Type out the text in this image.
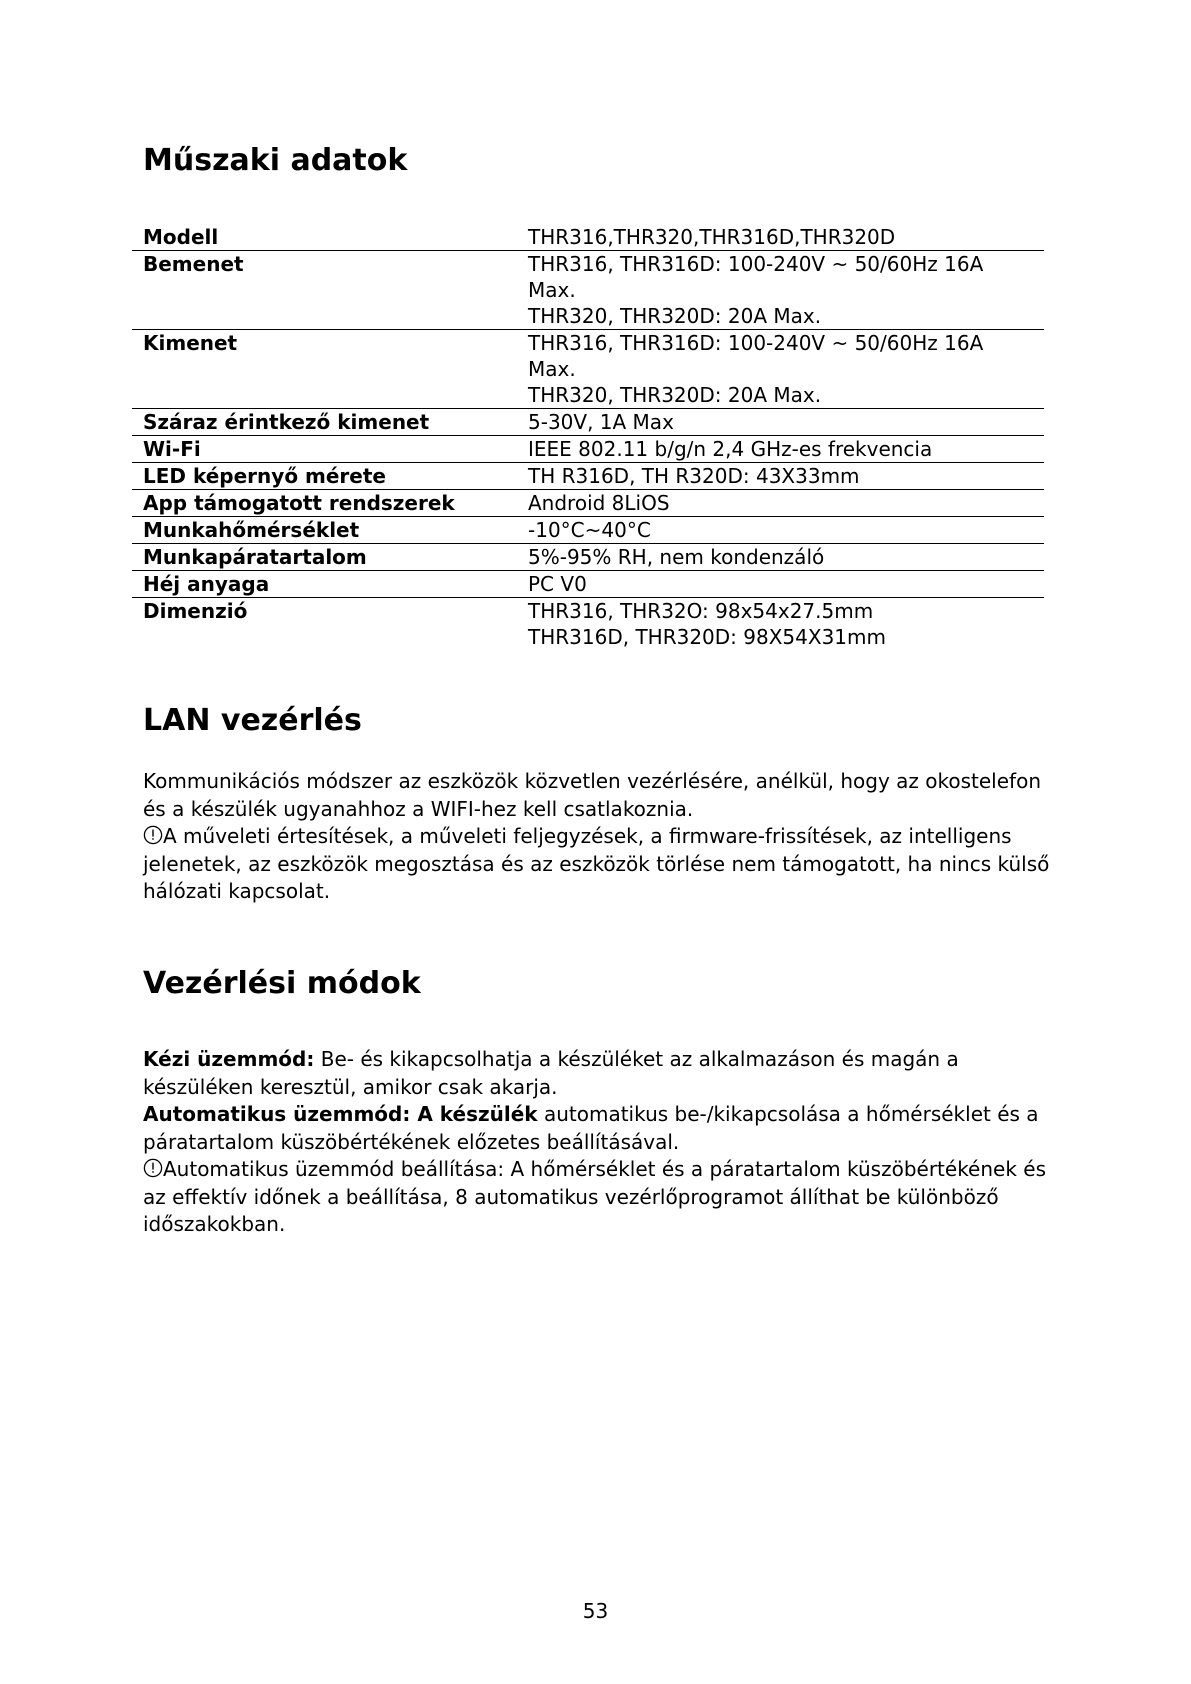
Műszaki adatok
Modell	THR316,THR320,THR316D,THR320D

Bemenet	THR316, THR316D: 100-240V ~ 50/60Hz 16A
Max.
THR320, THR320D: 20A Max.

Kimenet	THR316, THR316D: 100-240V ~ 50/60Hz 16A
Max.
THR320, THR320D: 20A Max.

Száraz érintkező kimenet	5-30V, 1A Max

Wi-Fi	IEEE 802.11 b/g/n 2,4 GHz-es frekvencia

LED képernyő mérete	TH R316D, TH R320D: 43X33mm

App támogatott rendszerek	Android 8LiOS

Munkahőmérséklet	-10°C~40°C

Munkapáratartalom	5%-95% RH, nem kondenzáló

Héj anyaga	PC V0

Dimenzió	THR316, THR32O: 98x54x27.5mm
THR316D, THR320D: 98X54X31mm
LAN vezérlés

Kommunikációs módszer az eszközök közvetlen vezérlésére, anélkül, hogy az okostelefon és a készülék ugyanahhoz a WIFI-hez kell csatlakoznia.

A műveleti értesítések, a műveleti feljegyzések, a firmware-frissítések, az intelligens jelenetek, az eszközök megosztása és az eszközök törlése nem támogatott, ha nincs külső hálózati kapcsolat.

Vezérlési módok

Kézi üzemmód: Be- és kikapcsolhatja a készüléket az alkalmazáson és magán a készüléken keresztül, amikor csak akarja.

Automatikus üzemmód: A készülék automatikus be-/kikapcsolása a hőmérséklet és a páratartalom küszöbértékének előzetes beállításával.

Automatikus üzemmód beállítása: A hőmérséklet és a páratartalom küszöbértékének és az effektív időnek a beállítása, 8 automatikus vezérlőprogramot állíthat be különböző időszakokban.

53
